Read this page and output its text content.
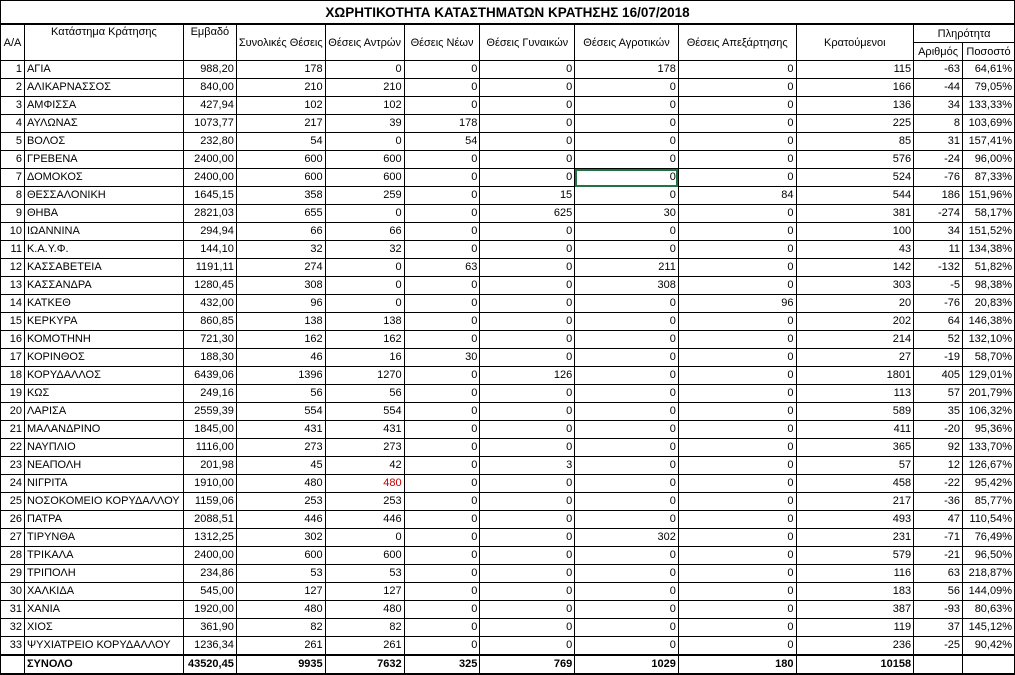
ΧΩΡΗΤΙΚΟΤΗΤΑ ΚΑΤΑΣΤΗΜΑΤΩΝ ΚΡΑΤΗΣΗΣ 16/07/2018											
Α/Α	Κατάστημα Κράτησης	Εμβαδό	Συνολικές Θέσεις	Θέσεις Αντρών	Θέσεις Νέων	Θέσεις Γυναικών	Θέσεις Αγροτικών	Θέσεις Απεξάρτησης	Κρατούμενοι	Πληρότητα	
										Αριθμός	Ποσοστό
1	ΑΓΙΑ	988,20	178	0	0	0	178	0	115	-63	64,61%
2	ΑΛΙΚΑΡΝΑΣΣΟΣ	840,00	210	210	0	0	0	0	166	-44	79,05%
3	ΑΜΦΙΣΣΑ	427,94	102	102	0	0	0	0	136	34	133,33%
4	ΑΥΛΩΝΑΣ	1073,77	217	39	178	0	0	0	225	8	103,69%
5	ΒΟΛΟΣ	232,80	54	0	54	0	0	0	85	31	157,41%
6	ΓΡΕΒΕΝΑ	2400,00	600	600	0	0	0	0	576	-24	96,00%
7	ΔΟΜΟΚΟΣ	2400,00	600	600	0	0	0	0	524	-76	87,33%
8	ΘΕΣΣΑΛΟΝΙΚΗ	1645,15	358	259	0	15	0	84	544	186	151,96%
9	ΘΗΒΑ	2821,03	655	0	0	625	30	0	381	-274	58,17%
10	ΙΩΑΝΝΙΝΑ	294,94	66	66	0	0	0	0	100	34	151,52%
11	Κ.Α.Υ.Φ.	144,10	32	32	0	0	0	0	43	11	134,38%
12	ΚΑΣΣΑΒΕΤΕΙΑ	1191,11	274	0	63	0	211	0	142	-132	51,82%
13	ΚΑΣΣΑΝΔΡΑ	1280,45	308	0	0	0	308	0	303	-5	98,38%
14	ΚΑΤΚΕΘ	432,00	96	0	0	0	0	96	20	-76	20,83%
15	ΚΕΡΚΥΡΑ	860,85	138	138	0	0	0	0	202	64	146,38%
16	ΚΟΜΟΤΗΝΗ	721,30	162	162	0	0	0	0	214	52	132,10%
17	ΚΟΡΙΝΘΟΣ	188,30	46	16	30	0	0	0	27	-19	58,70%
18	ΚΟΡΥΔΑΛΛΟΣ	6439,06	1396	1270	0	126	0	0	1801	405	129,01%
19	ΚΩΣ	249,16	56	56	0	0	0	0	113	57	201,79%
20	ΛΑΡΙΣΑ	2559,39	554	554	0	0	0	0	589	35	106,32%
21	ΜΑΛΑΝΔΡΙΝΟ	1845,00	431	431	0	0	0	0	411	-20	95,36%
22	ΝΑΥΠΛΙΟ	1116,00	273	273	0	0	0	0	365	92	133,70%
23	ΝΕΑΠΟΛΗ	201,98	45	42	0	3	0	0	57	12	126,67%
24	ΝΙΓΡΙΤΑ	1910,00	480	480	0	0	0	0	458	-22	95,42%
25	ΝΟΣΟΚΟΜΕΙΟ ΚΟΡΥΔΑΛΛΟΥ	1159,06	253	253	0	0	0	0	217	-36	85,77%
26	ΠΑΤΡΑ	2088,51	446	446	0	0	0	0	493	47	110,54%
27	ΤΙΡΥΝΘΑ	1312,25	302	0	0	0	302	0	231	-71	76,49%
28	ΤΡΙΚΑΛΑ	2400,00	600	600	0	0	0	0	579	-21	96,50%
29	ΤΡΙΠΟΛΗ	234,86	53	53	0	0	0	0	116	63	218,87%
30	ΧΑΛΚΙΔΑ	545,00	127	127	0	0	0	0	183	56	144,09%
31	ΧΑΝΙΑ	1920,00	480	480	0	0	0	0	387	-93	80,63%
32	ΧΙΟΣ	361,90	82	82	0	0	0	0	119	37	145,12%
33	ΨΥΧΙΑΤΡΕΙΟ ΚΟΡΥΔΑΛΛΟΥ	1236,34	261	261	0	0	0	0	236	-25	90,42%
	ΣΥΝΟΛΟ	43520,45	9935	7632	325	769	1029	180	10158		
